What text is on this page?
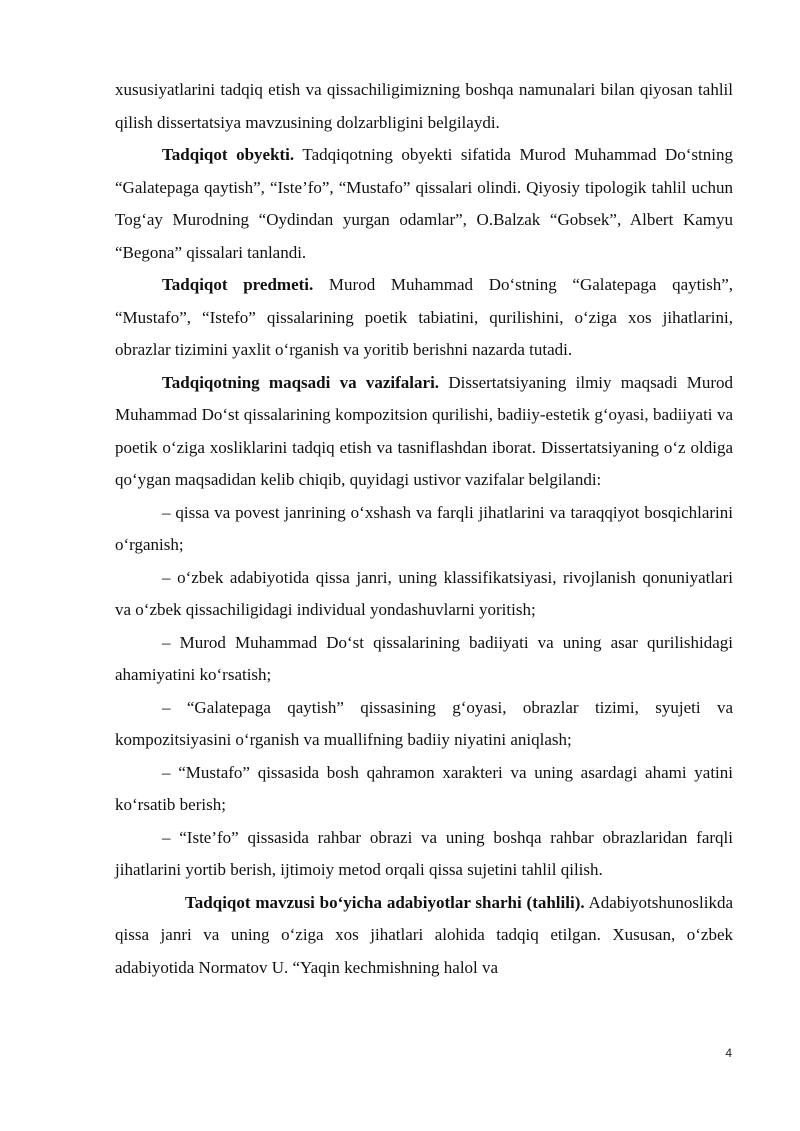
xususiyatlarini tadqiq etish va qissachiligimizning boshqa namunalari bilan qiyosan tahlil qilish dissertatsiya mavzusining dolzarbligini belgilaydi.

Tadqiqot obyekti. Tadqiqotning obyekti sifatida Murod Muhammad Do‘stning “Galatepaga qaytish”, “Iste’fo”, “Mustafo” qissalari olindi. Qiyosiy tipologik tahlil uchun Tog‘ay Murodning “Oydindan yurgan odamlar”, O.Balzak “Gobsek”, Albert Kamyu “Begona” qissalari tanlandi.

Tadqiqot predmeti. Murod Muhammad Do‘stning “Galatepaga qaytish”, “Mustafo”, “Istefo” qissalarining poetik tabiatini, qurilishini, o‘ziga xos jihatlarini, obrazlar tizimini yaxlit o‘rganish va yoritib berishni nazarda tutadi.

Tadqiqotning maqsadi va vazifalari. Dissertatsiyaning ilmiy maqsadi Murod Muhammad Do‘st qissalarining kompozitsion qurilishi, badiiy-estetik g‘oyasi, badiiyati va poetik o‘ziga xosliklarini tadqiq etish va tasniflashdan iborat. Dissertatsiyaning o‘z oldiga qo‘ygan maqsadidan kelib chiqib, quyidagi ustivor vazifalar belgilandi:

– qissa va povest janrining o‘xshash va farqli jihatlarini va taraqqiyot bosqichlarini o‘rganish;

– o‘zbek adabiyotida qissa janri, uning klassifikatsiyasi, rivojlanish qonuniyatlari va o‘zbek qissachiligidagi individual yondashuvlarni yoritish;

– Murod Muhammad Do‘st qissalarining badiiyati va uning asar qurilishidagi ahamiyatini ko‘rsatish;

– “Galatepaga qaytish” qissasining g‘oyasi, obrazlar tizimi, syujeti va kompozitsiyasini o‘rganish va muallifning badiiy niyatini aniqlash;

– “Mustafo” qissasida bosh qahramon xarakteri va uning asardagi ahami yatini ko‘rsatib berish;

– “Iste’fo” qissasida rahbar obrazi va uning boshqa rahbar obrazlaridan farqli jihatlarini yortib berish, ijtimoiy metod orqali qissa sujetini tahlil qilish.

Tadqiqot mavzusi bo‘yicha adabiyotlar sharhi (tahlili). Adabiyotshunoslikda qissa janri va uning o‘ziga xos jihatlari alohida tadqiq etilgan. Xususan, o‘zbek adabiyotida Normatov U. “Yaqin kechmishning halol va

4
